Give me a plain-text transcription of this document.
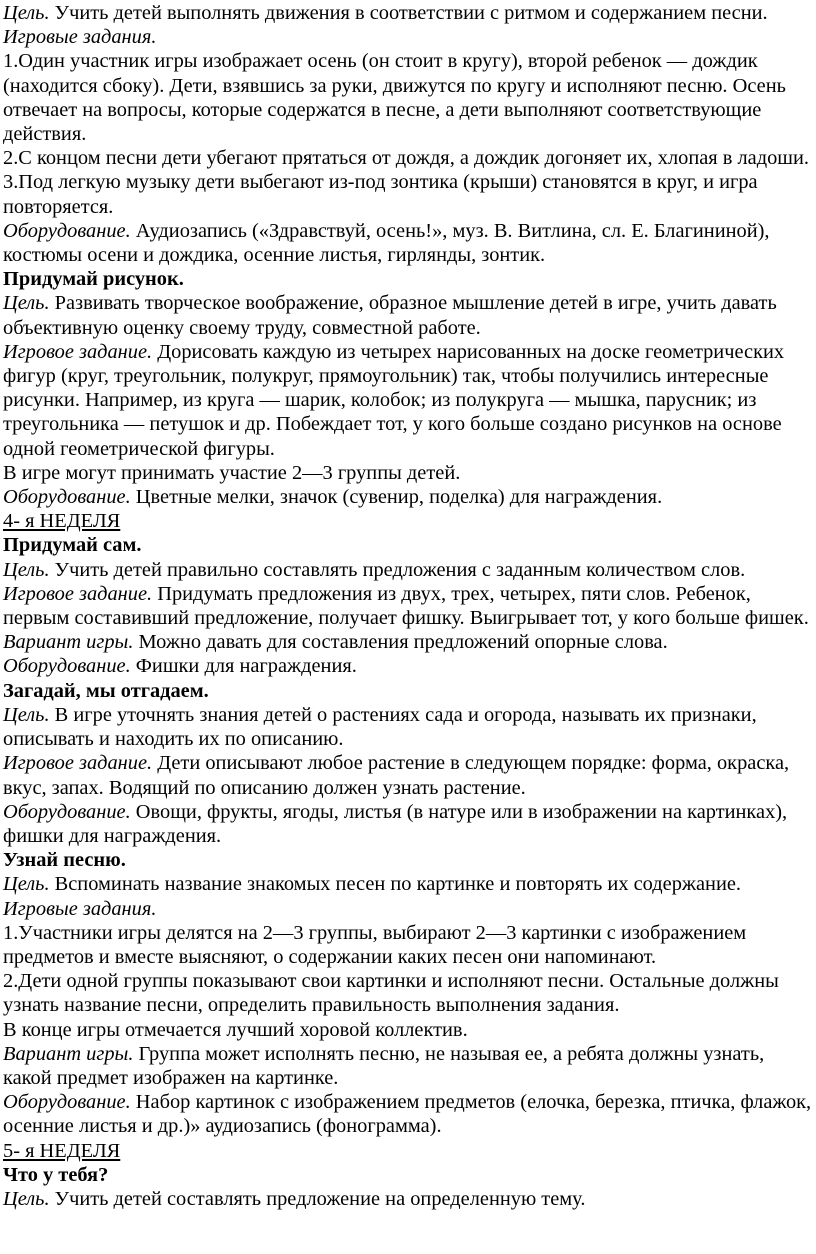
Цель. Учить детей выполнять движения в соответствии с ритмом и содержанием песни.

Игровые задания.

1.Один участник игры изображает осень (он стоит в кругу), второй ребенок — дождик (находится сбоку). Дети, взявшись за руки, движутся по кругу и исполняют песню. Осень отвечает на вопросы, которые содержатся в песне, а дети выполняют соответствующие действия.

2.С концом песни дети убегают прятаться от дождя, а дождик догоняет их, хлопая в ладоши.

3.Под легкую музыку дети выбегают из-под зонтика (крыши) становятся в круг, и игра повторяется.

Оборудование. Аудиозапись («Здравствуй, осень!», муз. В. Витлина, сл. Е. Благининой), костюмы осени и дождика, осенние листья, гирлянды, зонтик.

Придумай рисунок.

Цель. Развивать творческое воображение, образное мышление детей в игре, учить давать объективную оценку своему труду, совместной работе.

Игровое задание. Дорисовать каждую из четырех нарисованных на доске геометрических фигур (круг, треугольник, полукруг, прямоугольник) так, чтобы получились интересные рисунки. Например, из круга — шарик, колобок; из полукруга — мышка, парусник; из треугольника — петушок и др. Побеждает тот, у кого больше создано рисунков на основе одной геометрической фигуры.

В игре могут принимать участие 2—3 группы детей.

Оборудование. Цветные мелки, значок (сувенир, поделка) для награждения.

4- я НЕДЕЛЯ

Придумай сам.

Цель. Учить детей правильно составлять предложения с заданным количеством слов.

Игровое задание. Придумать предложения из двух, трех, четырех, пяти слов. Ребенок, первым составивший предложение, получает фишку. Выигрывает тот, у кого больше фишек.

Вариант игры. Можно давать для составления предложений опорные слова.

Оборудование. Фишки для награждения.

Загадай, мы отгадаем.

Цель. В игре уточнять знания детей о растениях сада и огорода, называть их признаки, описывать и находить их по описанию.

Игровое задание. Дети описывают любое растение в следующем порядке: форма, окраска, вкус, запах. Водящий по описанию должен узнать растение.

Оборудование. Овощи, фрукты, ягоды, листья (в натуре или в изображении на картинках), фишки для награждения.

Узнай песню.

Цель. Вспоминать название знакомых песен по картинке и повторять их содержание.

Игровые задания.

1.Участники игры делятся на 2—3 группы, выбирают 2—3 картинки с изображением предметов и вместе выясняют, о содержании каких песен они напоминают.

2.Дети одной группы показывают свои картинки и исполняют песни. Остальные должны узнать название песни, определить правильность выполнения задания.

В конце игры отмечается лучший хоровой коллектив.

Вариант игры. Группа может исполнять песню, не называя ее, а ребята должны узнать, какой предмет изображен на картинке.

Оборудование. Набор картинок с изображением предметов (елочка, березка, птичка, флажок, осенние листья и др.)» аудиозапись (фонограмма).

5- я НЕДЕЛЯ

Что у тебя?

Цель. Учить детей составлять предложение на определенную тему.
